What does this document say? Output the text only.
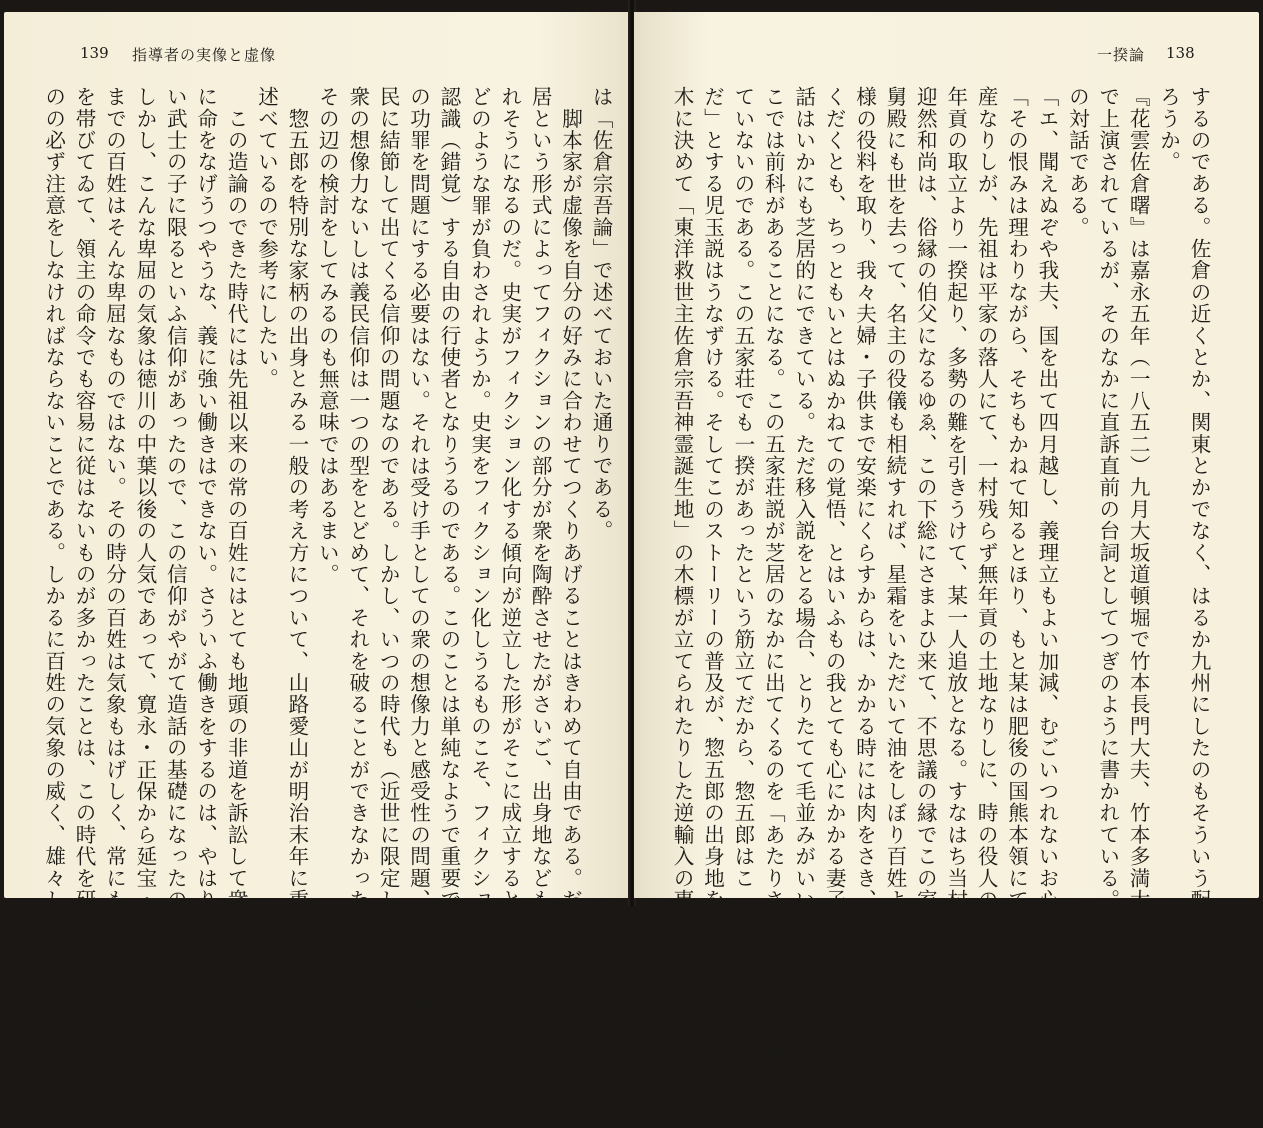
139 指導者の実像と虚像
は「佐倉宗吾論」で述べておいた通りである。
　脚本家が虚像を自分の好みに合わせてつくりあげることはきわめて自由である。だがここで芝
居という形式によってフィクションの部分が衆を陶酔させたがさいご、出身地なども事実ととら
れそうになるのだ。史実がフィクション化する傾向が逆立した形がそこに成立するとき、そこに
どのような罪が負わされようか。史実をフィクション化しうるものこそ、フィクションを史実と
認識（錯覚）する自由の行使者となりうるのである。このことは単純なようで重要である。脚本家
の功罪を問題にする必要はない。それは受け手としての衆の想像力と感受性の問題、あるいは義
民に結節して出てくる信仰の問題なのである。しかし、いつの時代も（近世に限定してもよいが）
衆の想像力ないしは義民信仰は一つの型をとどめて、それを破ることができなかったかどうか、
その辺の検討をしてみるのも無意味ではあるまい。
　惣五郎を特別な家柄の出身とみる一般の考え方について、山路愛山が明治末年に重要な見解を
述べているので参考にしたい。
　この造論のできた時代には先祖以来の常の百姓にはとても地頭の非道を訴訟して衆人のため
に命をなげうつやうな、義に強い働きはできない。さういふ働きをするのは、やはり素姓の尊
い武士の子に限るといふ信仰があったので、この信仰がやがて造話の基礎になったのである。
しかし、こんな卑屈の気象は徳川の中葉以後の人気であって、寛永・正保から延宝・天和ごろ
までの百姓はそんな卑屈なものではない。その時分の百姓は気象もはげしく、常にも一刀
を帯びてゐて、領主の命令でも容易に従はないものが多かったことは、この時代を研究するも
のの必ず注意をしなければならないことである。しかるに百姓の気象の威く、雄々しかったそ
一揆論 138
するのである。佐倉の近くとか、関東とかでなく、はるか九州にしたのもそういう配慮からであ
ろうか。
『花雲佐倉曙』は嘉永五年（一八五二）九月大坂道頓堀で竹本長門大夫、竹本多満大夫の自作自演
で上演されているが、そのなかに直訴直前の台詞としてつぎのように書かれている。妻と惣五郎
の対話である。
「エ、聞えぬぞや我夫、国を出て四月越し、義理立もよい加減、むごいつれないお心」
「その恨みは理わりながら、そちもかねて知るとほり、もと某は肥後の国熊本領にて五ヶ庄の
産なりしが、先祖は平家の落人にて、一村残らず無年貢の土地なりしに、時の役人の計ひにて
年貢の取立より一揆起り、多勢の難を引きうけて、某一人追放となる。すなはち当村仏頂寺の
迎然和尚は、俗縁の伯父になるゆゑ、この下総にさまよひ来て、不思議の縁でこの家へ入聟。
舅殿にも世を去って、名主の役儀も相続すれば、星霜をいただいて油をしぼり百姓より給金同
様の役料を取り、我々夫婦・子供まで安楽にくらすからは、かかる時には肉をさき、骨を粉に
くだくとも、ちっともいとはぬかねての覚悟、とはいふもの我とても心にかかる妻子の事」
話はいかにも芝居的にできている。ただ移入説をとる場合、とりたてて毛並みがいいという設定はし
こでは前科があることになる。この五家荘説が芝居のなかに出てくるのを「あたりさわりの少ない地を選ん
ていないのである。この五家荘でも一揆があったという筋立てだから、惣五郎はこ
だ」とする児玉説はうなずける。そしてこのストーリーの普及が、惣五郎の出身地を五家荘の葉
木に決めて「東洋救世主佐倉宗吾神霊誕生地」の木標が立てられたりした逆輸入の事実について
